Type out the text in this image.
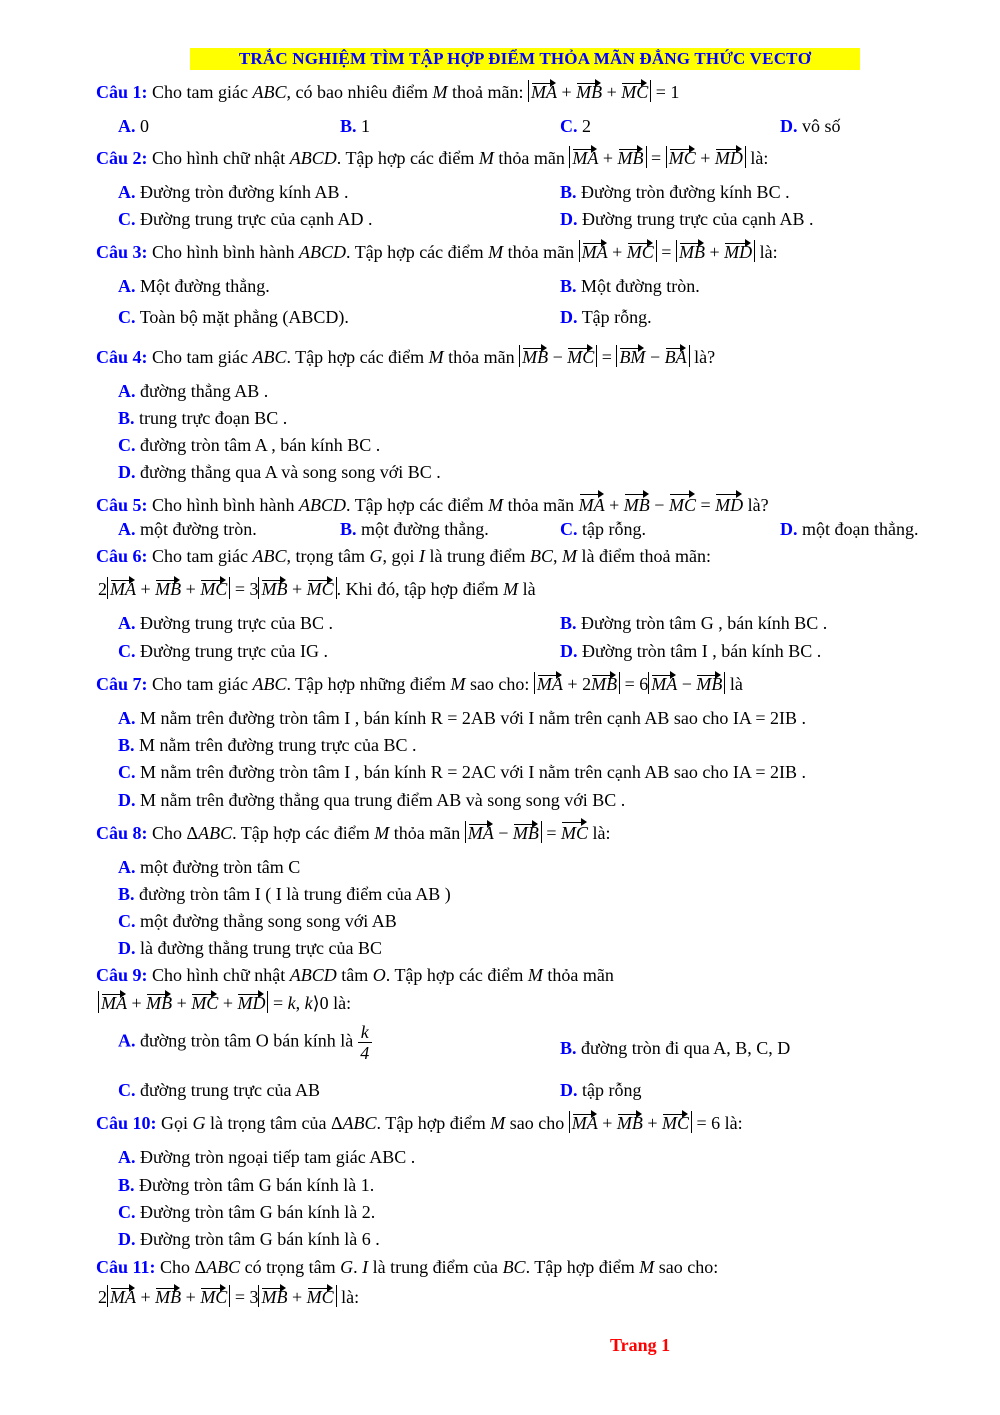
TRẮC NGHIỆM TÌM TẬP HỢP ĐIỂM THỎA MÃN ĐẲNG THỨC VECTƠ
Câu 1: Cho tam giác ABC, có bao nhiêu điểm M thoả mãn: MA + MB + MC = 1
A. 0	B. 1	C. 2	D. vô số
Câu 2: Cho hình chữ nhật ABCD. Tập hợp các điểm M thỏa mãn MA + MB = MC + MD là:
A. Đường tròn đường kính AB .	B. Đường tròn đường kính BC .
C. Đường trung trực của cạnh AD .	D. Đường trung trực của cạnh AB .
Câu 3: Cho hình bình hành ABCD. Tập hợp các điểm M thỏa mãn MA + MC = MB + MD là:
A. Một đường thẳng.	B. Một đường tròn.
C. Toàn bộ mặt phẳng (ABCD).	D. Tập rỗng.
Câu 4: Cho tam giác ABC. Tập hợp các điểm M thỏa mãn MB − MC = BM − BA là?
A. đường thẳng AB .
B. trung trực đoạn BC .
C. đường tròn tâm A , bán kính BC .
D. đường thẳng qua A và song song với BC .
Câu 5: Cho hình bình hành ABCD. Tập hợp các điểm M thỏa mãn MA + MB − MC = MD là?
A. một đường tròn.	B. một đường thẳng.	C. tập rỗng.	D. một đoạn thẳng.
Câu 6: Cho tam giác ABC, trọng tâm G, gọi I là trung điểm BC, M là điểm thoả mãn:
2 MA + MB + MC = 3 MB + MC . Khi đó, tập hợp điểm M là
A. Đường trung trực của BC .	B. Đường tròn tâm G , bán kính BC .
C. Đường trung trực của IG .	D. Đường tròn tâm I , bán kính BC .
Câu 7: Cho tam giác ABC. Tập hợp những điểm M sao cho: MA + 2MB = 6 MA − MB là
A. M nằm trên đường tròn tâm I , bán kính R = 2AB với I nằm trên cạnh AB sao cho IA = 2IB .
B. M nằm trên đường trung trực của BC .
C. M nằm trên đường tròn tâm I , bán kính R = 2AC với I nằm trên cạnh AB sao cho IA = 2IB .
D. M nằm trên đường thẳng qua trung điểm AB và song song với BC .
Câu 8: Cho ΔABC. Tập hợp các điểm M thỏa mãn MA − MB = MC là:
A. một đường tròn tâm C
B. đường tròn tâm I ( I là trung điểm của AB )
C. một đường thẳng song song với AB
D. là đường thẳng trung trực của BC
Câu 9: Cho hình chữ nhật ABCD tâm O. Tập hợp các điểm M thỏa mãn
MA + MB + MC + MD = k, k⟩0 là:
A. đường tròn tâm O bán kính là $\frac{k}{4}$	B. đường tròn đi qua A, B, C, D
C. đường trung trực của AB	D. tập rỗng
Câu 10: Gọi G là trọng tâm của ΔABC. Tập hợp điểm M sao cho MA + MB + MC = 6 là:
A. Đường tròn ngoại tiếp tam giác ABC .
B. Đường tròn tâm G bán kính là 1.
C. Đường tròn tâm G bán kính là 2.
D. Đường tròn tâm G bán kính là 6 .
Câu 11: Cho ΔABC có trọng tâm G. I là trung điểm của BC. Tập hợp điểm M sao cho:
2 MA + MB + MC = 3 MB + MC là:
Trang 1
